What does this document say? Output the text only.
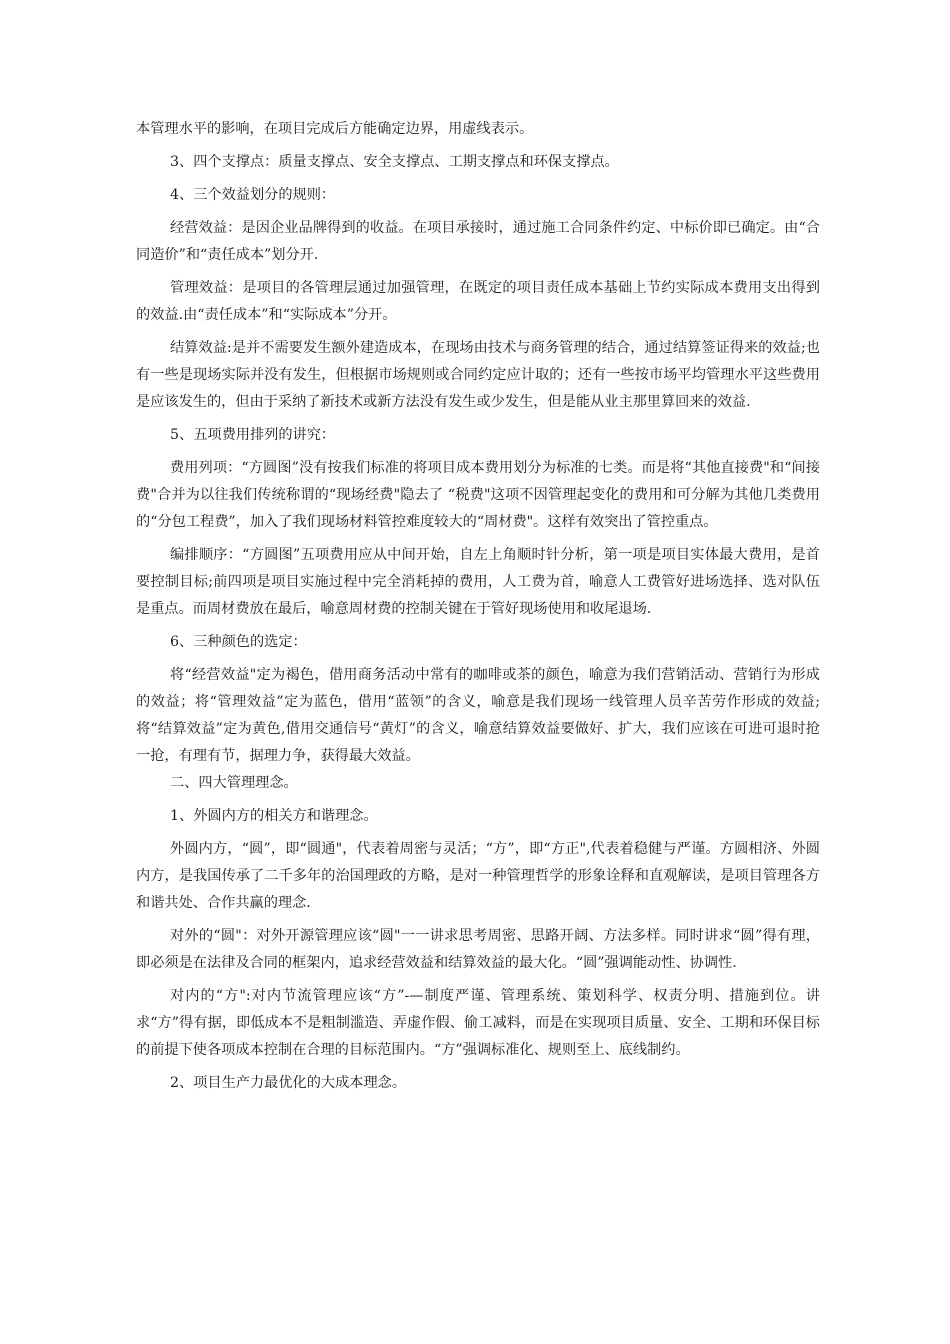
本管理水平的影响，在项目完成后方能确定边界，用虚线表示。

3、四个支撑点：质量支撑点、安全支撑点、工期支撑点和环保支撑点。

4、三个效益划分的规则：

经营效益：是因企业品牌得到的收益。在项目承接时，通过施工合同条件约定、中标价即已确定。由“合同造价”和“责任成本”划分开.

管理效益：是项目的各管理层通过加强管理，在既定的项目责任成本基础上节约实际成本费用支出得到的效益.由“责任成本”和“实际成本”分开。

结算效益:是并不需要发生额外建造成本，在现场由技术与商务管理的结合，通过结算签证得来的效益;也有一些是现场实际并没有发生，但根据市场规则或合同约定应计取的；还有一些按市场平均管理水平这些费用是应该发生的，但由于采纳了新技术或新方法没有发生或少发生，但是能从业主那里算回来的效益.

5、五项费用排列的讲究：

费用列项：“方圆图”没有按我们标准的将项目成本费用划分为标准的七类。而是将“其他直接费"和“间接费"合并为以往我们传统称谓的“现场经费"隐去了 “税费"这项不因管理起变化的费用和可分解为其他几类费用的“分包工程费”，加入了我们现场材料管控难度较大的“周材费"。这样有效突出了管控重点。

编排顺序：“方圆图”五项费用应从中间开始，自左上角顺时针分析，第一项是项目实体最大费用，是首要控制目标;前四项是项目实施过程中完全消耗掉的费用，人工费为首，喻意人工费管好进场选择、选对队伍是重点。而周材费放在最后，喻意周材费的控制关键在于管好现场使用和收尾退场.

6、三种颜色的选定：

将“经营效益"定为褐色，借用商务活动中常有的咖啡或茶的颜色，喻意为我们营销活动、营销行为形成的效益；将“管理效益”定为蓝色，借用“蓝领”的含义，喻意是我们现场一线管理人员辛苦劳作形成的效益;将“结算效益”定为黄色,借用交通信号“黄灯”的含义，喻意结算效益要做好、扩大，我们应该在可进可退时抢一抢，有理有节，据理力争，获得最大效益。

二、四大管理理念。

1、外圆内方的相关方和谐理念。

外圆内方，“圆”，即“圆通"，代表着周密与灵活；“方”，即“方正",代表着稳健与严谨。方圆相济、外圆内方，是我国传承了二千多年的治国理政的方略，是对一种管理哲学的形象诠释和直观解读，是项目管理各方和谐共处、合作共赢的理念.

对外的“圆"：对外开源管理应该“圆"一一讲求思考周密、思路开阔、方法多样。同时讲求“圆”得有理，即必须是在法律及合同的框架内，追求经营效益和结算效益的最大化。“圆”强调能动性、协调性.

对内的“方":对内节流管理应该“方”-—制度严谨、管理系统、策划科学、权责分明、措施到位。讲求“方”得有据，即低成本不是粗制滥造、弄虚作假、偷工减料，而是在实现项目质量、安全、工期和环保目标的前提下使各项成本控制在合理的目标范围内。“方”强调标准化、规则至上、底线制约。

2、项目生产力最优化的大成本理念。
